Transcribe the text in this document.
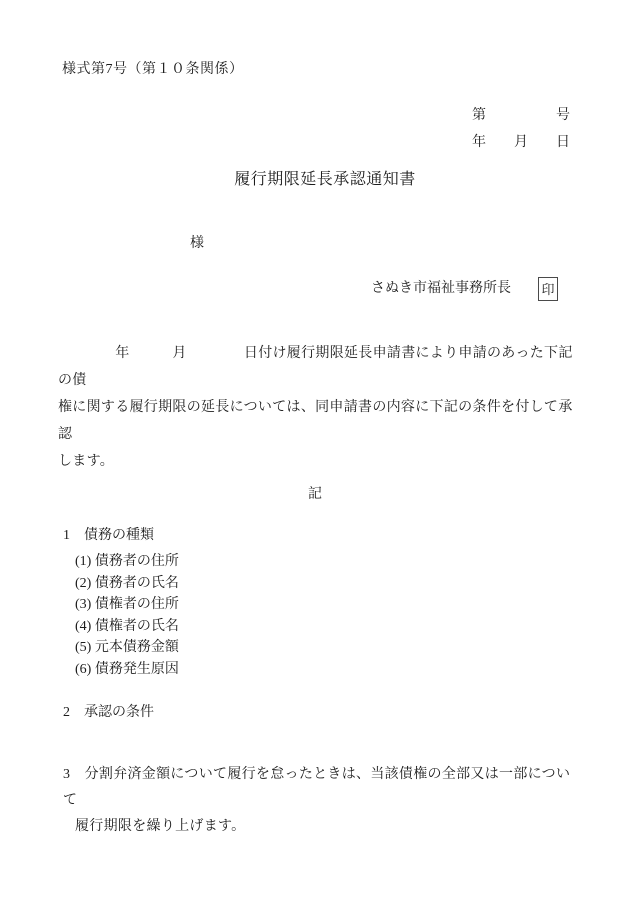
様式第7号（第１０条関係）
第　　　　　号
年　　月　　日
履行期限延長承認通知書
様
さぬき市福祉事務所長 印
　　　　年　　　月　　　　日付け履行期限延長申請書により申請のあった下記の債
権に関する履行期限の延長については、同申請書の内容に下記の条件を付して承認
します。
記
1　債務の種類
(1) 債務者の住所
(2) 債務者の氏名
(3) 債権者の住所
(4) 債権者の氏名
(5) 元本債務金額
(6) 債務発生原因
2　承認の条件
3　分割弁済金額について履行を怠ったときは、当該債権の全部又は一部について
履行期限を繰り上げます。
